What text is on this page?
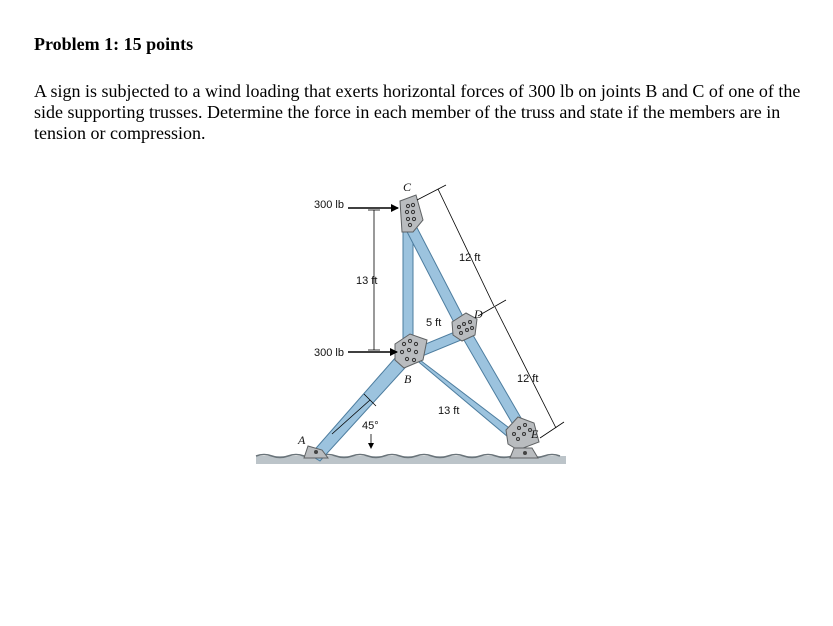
Problem 1: 15 points

A sign is subjected to a wind loading that exerts horizontal forces of 300 lb on joints B and C of one of the side supporting trusses. Determine the force in each member of the truss and state if the members are in tension or compression.

300 lb
300 lb
13 ft
12 ft
12 ft
5 ft
13 ft
45°
C
B
D
E
A
